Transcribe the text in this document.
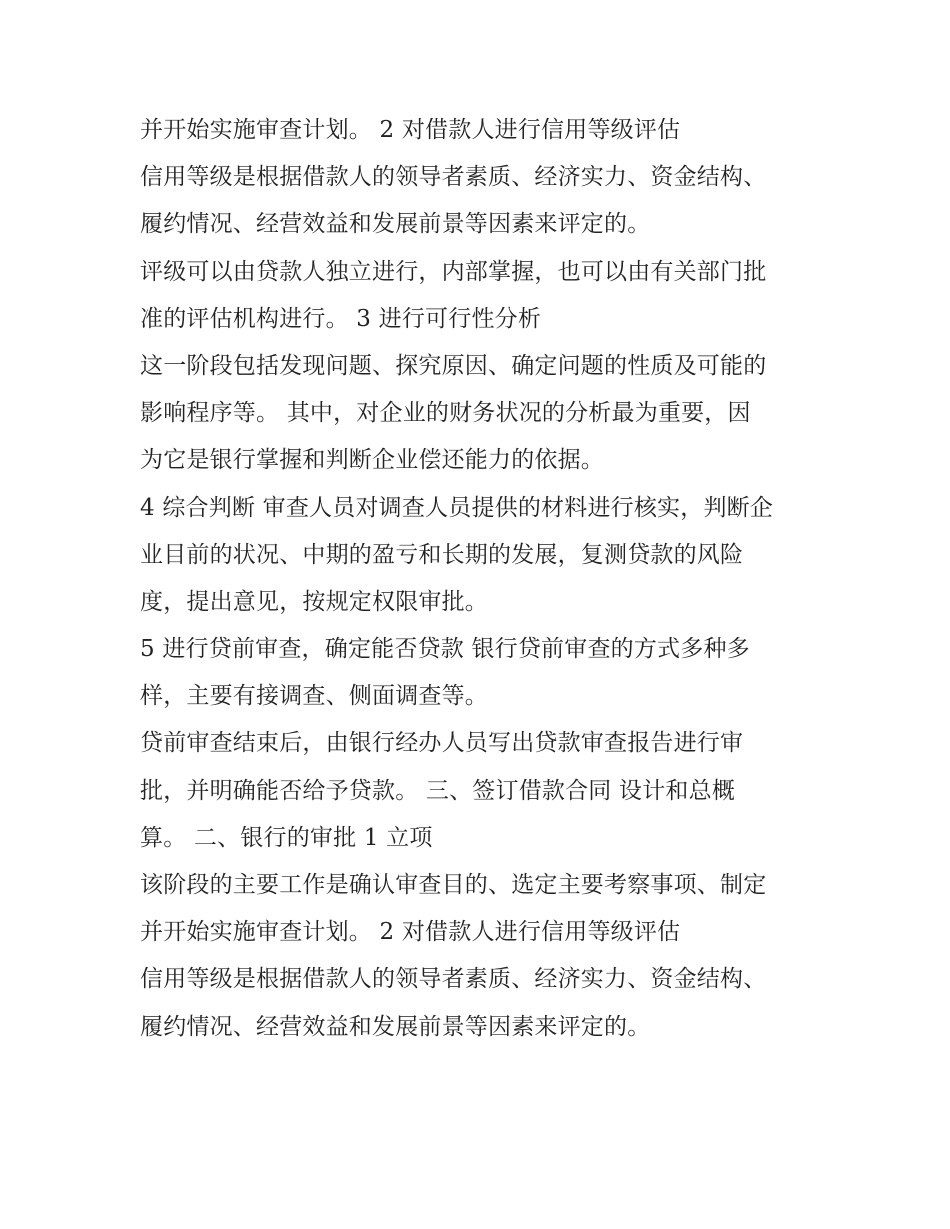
并开始实施审查计划。 2 对借款人进行信用等级评估
信用等级是根据借款人的领导者素质、经济实力、资金结构、
履约情况、经营效益和发展前景等因素来评定的。
评级可以由贷款人独立进行，内部掌握，也可以由有关部门批
准的评估机构进行。 3 进行可行性分析
这一阶段包括发现问题、探究原因、确定问题的性质及可能的
影响程序等。 其中，对企业的财务状况的分析最为重要，因
为它是银行掌握和判断企业偿还能力的依据。
4 综合判断 审查人员对调查人员提供的材料进行核实，判断企
业目前的状况、中期的盈亏和长期的发展，复测贷款的风险
度，提出意见，按规定权限审批。
5 进行贷前审查，确定能否贷款 银行贷前审查的方式多种多
样，主要有接调查、侧面调查等。
贷前审查结束后，由银行经办人员写出贷款审查报告进行审
批，并明确能否给予贷款。 三、签订借款合同 设计和总概
算。 二、银行的审批 1 立项
该阶段的主要工作是确认审查目的、选定主要考察事项、制定
并开始实施审查计划。 2 对借款人进行信用等级评估
信用等级是根据借款人的领导者素质、经济实力、资金结构、
履约情况、经营效益和发展前景等因素来评定的。
